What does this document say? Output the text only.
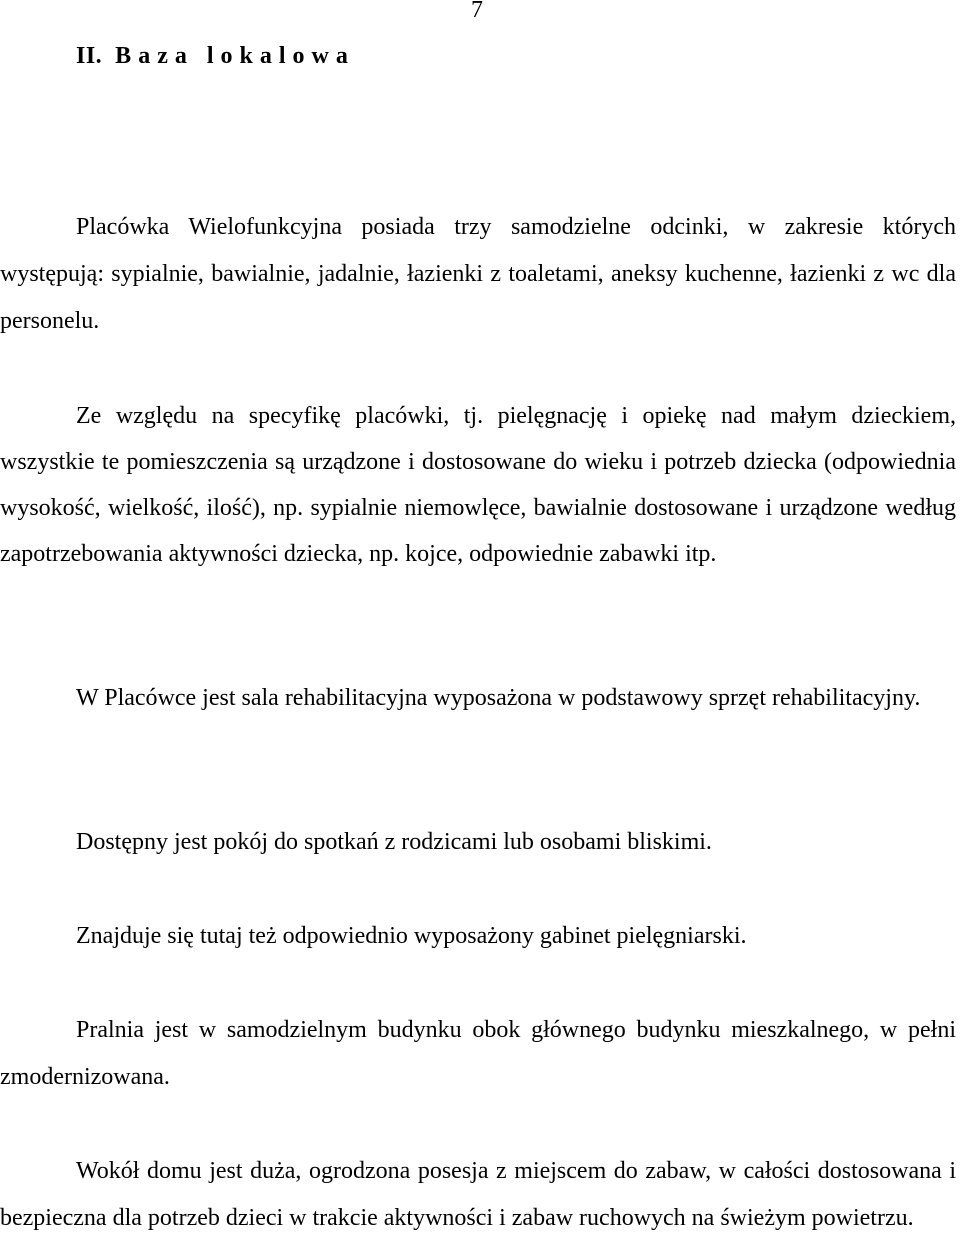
7
II.  B a z a   l o k a l o w a

Placówka Wielofunkcyjna posiada trzy samodzielne odcinki, w zakresie których występują: sypialnie, bawialnie, jadalnie, łazienki z toaletami, aneksy kuchenne, łazienki z wc dla personelu.

Ze względu na specyfikę placówki, tj. pielęgnację i opiekę nad małym dzieckiem, wszystkie te pomieszczenia są urządzone i dostosowane do wieku i potrzeb dziecka (odpowiednia wysokość, wielkość, ilość), np. sypialnie niemowlęce, bawialnie dostosowane i urządzone według zapotrzebowania aktywności dziecka, np. kojce, odpowiednie zabawki itp.

W Placówce jest sala rehabilitacyjna wyposażona w podstawowy sprzęt rehabilitacyjny.

Dostępny jest pokój do spotkań z rodzicami lub osobami bliskimi.

Znajduje się tutaj też odpowiednio wyposażony gabinet pielęgniarski.

Pralnia jest w samodzielnym budynku obok głównego budynku mieszkalnego, w pełni zmodernizowana.

Wokół domu jest duża, ogrodzona posesja z miejscem do zabaw, w całości dostosowana i bezpieczna dla potrzeb dzieci w trakcie aktywności i zabaw ruchowych na świeżym powietrzu.
